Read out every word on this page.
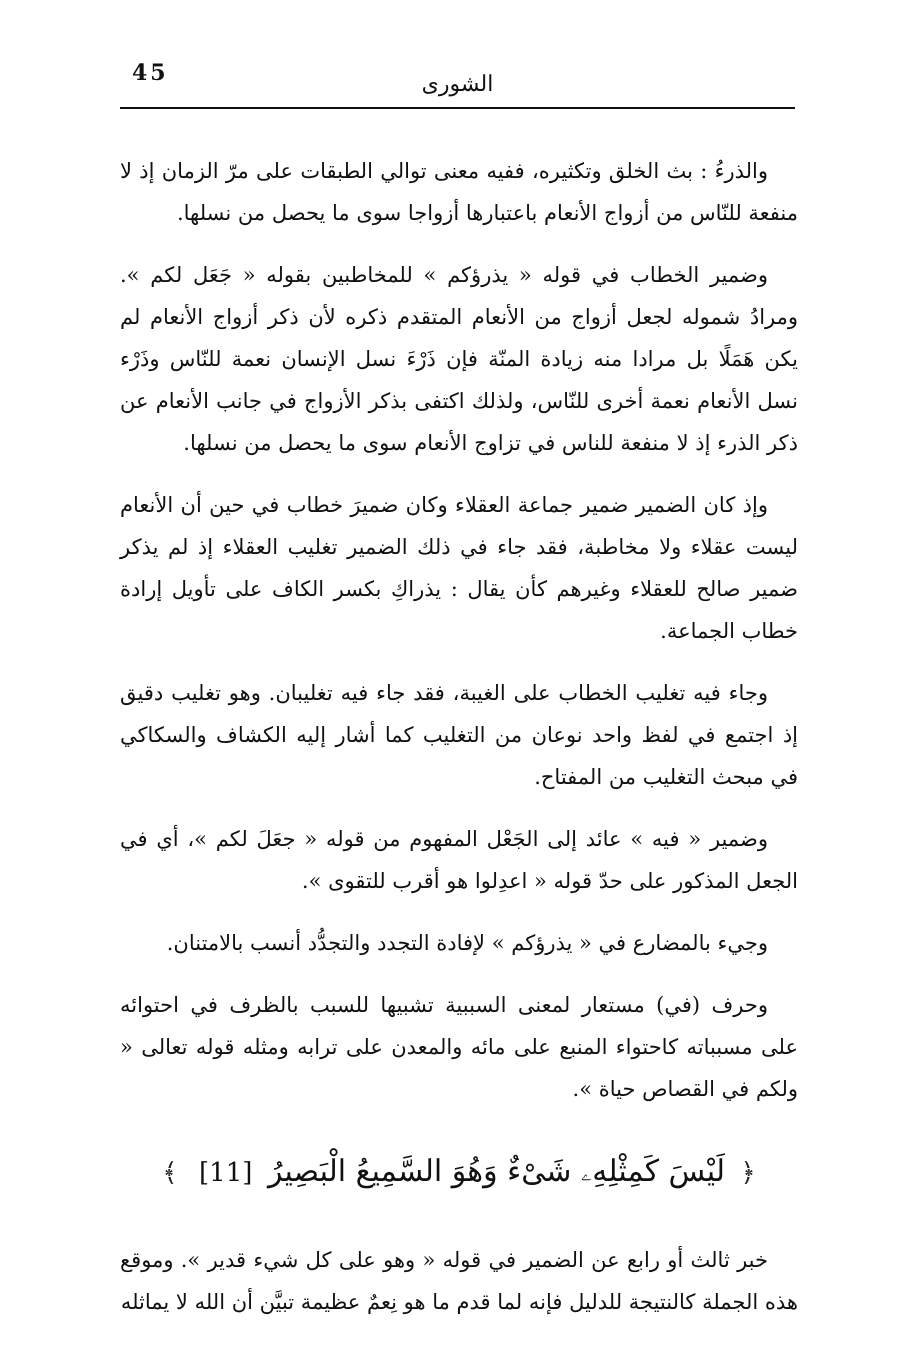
45	الشورى

والذرءُ : بث الخلق وتكثيره، ففيه معنى توالي الطبقات على مرّ الزمان إذ لا منفعة للنّاس من أزواج الأنعام باعتبارها أزواجا سوى ما يحصل من نسلها.

وضمير الخطاب في قوله « يذرؤكم » للمخاطبين بقوله « جَعَل لكم ». ومرادُ شموله لجعل أزواج من الأنعام المتقدم ذكره لأن ذكر أزواج الأنعام لم يكن هَمَلًا بل مرادا منه زيادة المنّة فإن ذَرْءَ نسل الإنسان نعمة للنّاس وذَرْء نسل الأنعام نعمة أخرى للنّاس، ولذلك اكتفى بذكر الأزواج في جانب الأنعام عن ذكر الذرء إذ لا منفعة للناس في تزاوج الأنعام سوى ما يحصل من نسلها.

وإذ كان الضمير ضمير جماعة العقلاء وكان ضميرَ خطاب في حين أن الأنعام ليست عقلاء ولا مخاطبة، فقد جاء في ذلك الضمير تغليب العقلاء إذ لم يذكر ضمير صالح للعقلاء وغيرهم كأن يقال : يذراكِ بكسر الكاف على تأويل إرادة خطاب الجماعة.

وجاء فيه تغليب الخطاب على الغيبة، فقد جاء فيه تغليبان. وهو تغليب دقيق إذ اجتمع في لفظ واحد نوعان من التغليب كما أشار إليه الكشاف والسكاكي في مبحث التغليب من المفتاح.

وضمير « فيه » عائد إلى الجَعْل المفهوم من قوله « جعَلَ لكم »، أي في الجعل المذكور على حدّ قوله « اعدِلوا هو أقرب للتقوى ».

وجيء بالمضارع في « يذرؤكم » لإفادة التجدد والتجدُّد أنسب بالامتنان.

وحرف (في) مستعار لمعنى السببية تشبيها للسبب بالظرف في احتوائه على مسبباته كاحتواء المنبع على مائه والمعدن على ترابه ومثله قوله تعالى « ولكم في القصاص حياة ».

﴿ لَيْسَ كَمِثْلِهِۦ شَىْءٌ وَهُوَ السَّمِيعُ الْبَصِيرُ [11] ﴾

خبر ثالث أو رابع عن الضمير في قوله « وهو على كل شيء قدير ». وموقع هذه الجملة كالنتيجة للدليل فإنه لما قدم ما هو نِعمٌ عظيمة تبيَّن أن الله لا يماثله
